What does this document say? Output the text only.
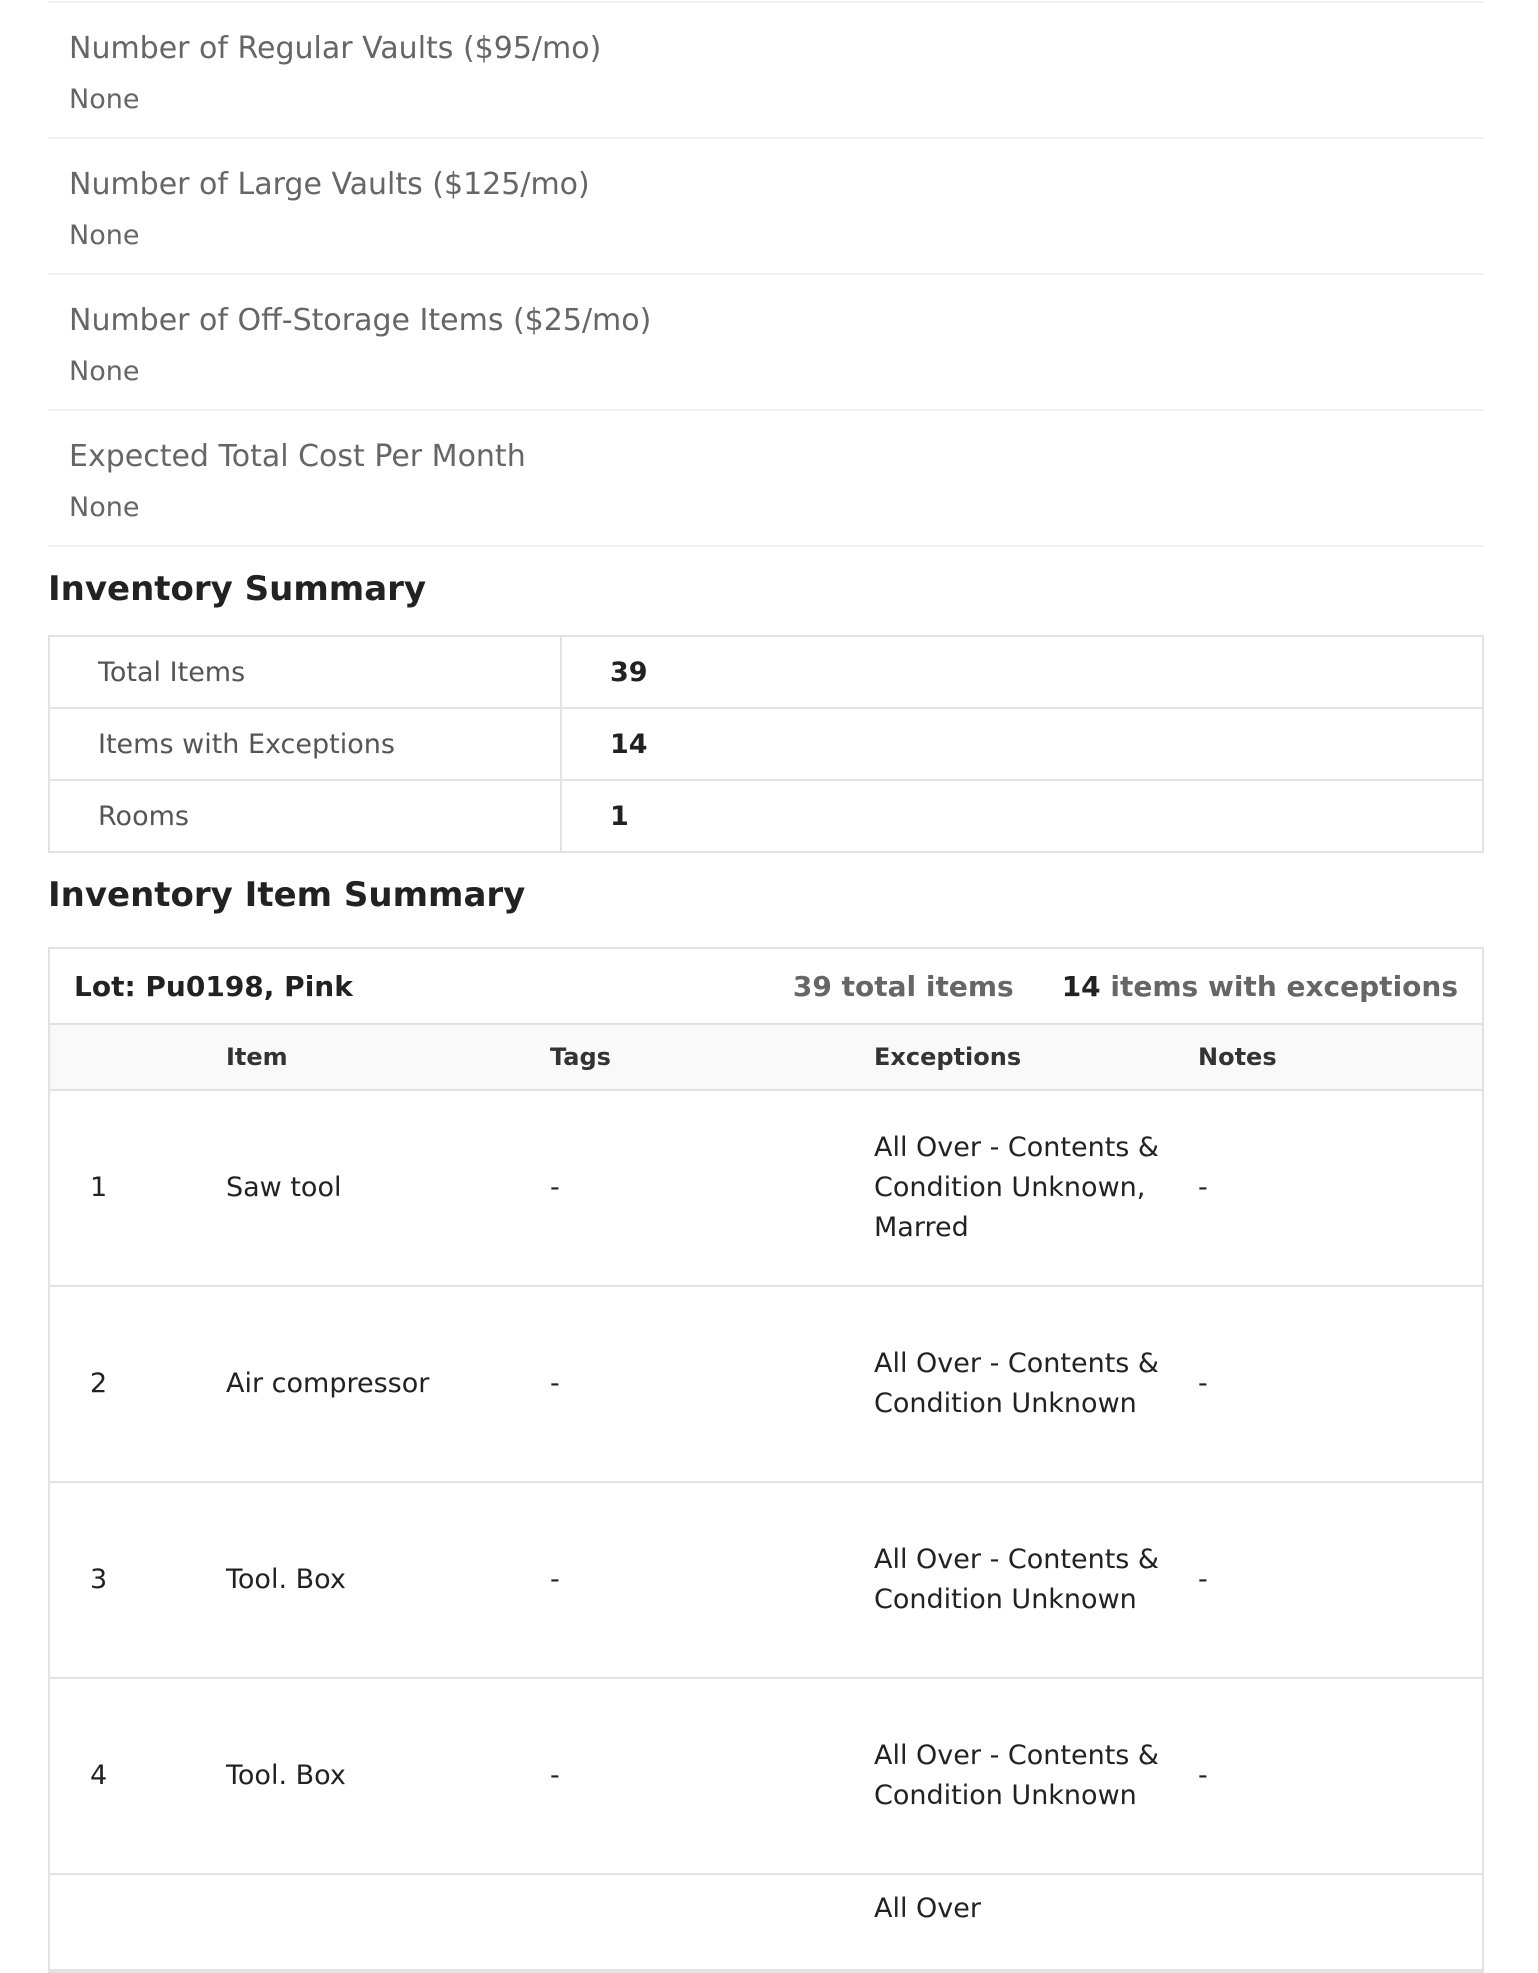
Number of Regular Vaults ($95/mo)
None
Number of Large Vaults ($125/mo)
None
Number of Off-Storage Items ($25/mo)
None
Expected Total Cost Per Month
None
Inventory Summary
Total Items	39
Items with Exceptions	14
Rooms	1
Inventory Item Summary
Lot: Pu0198, Pink	39 total items 14 items with exceptions
	Item	Tags	Exceptions	Notes
1	Saw tool	-	All Over - Contents & Condition Unknown, Marred	-
2	Air compressor	-	All Over - Contents & Condition Unknown	-
3	Tool. Box	-	All Over - Contents & Condition Unknown	-
4	Tool. Box	-	All Over - Contents & Condition Unknown	-
			All Over	
